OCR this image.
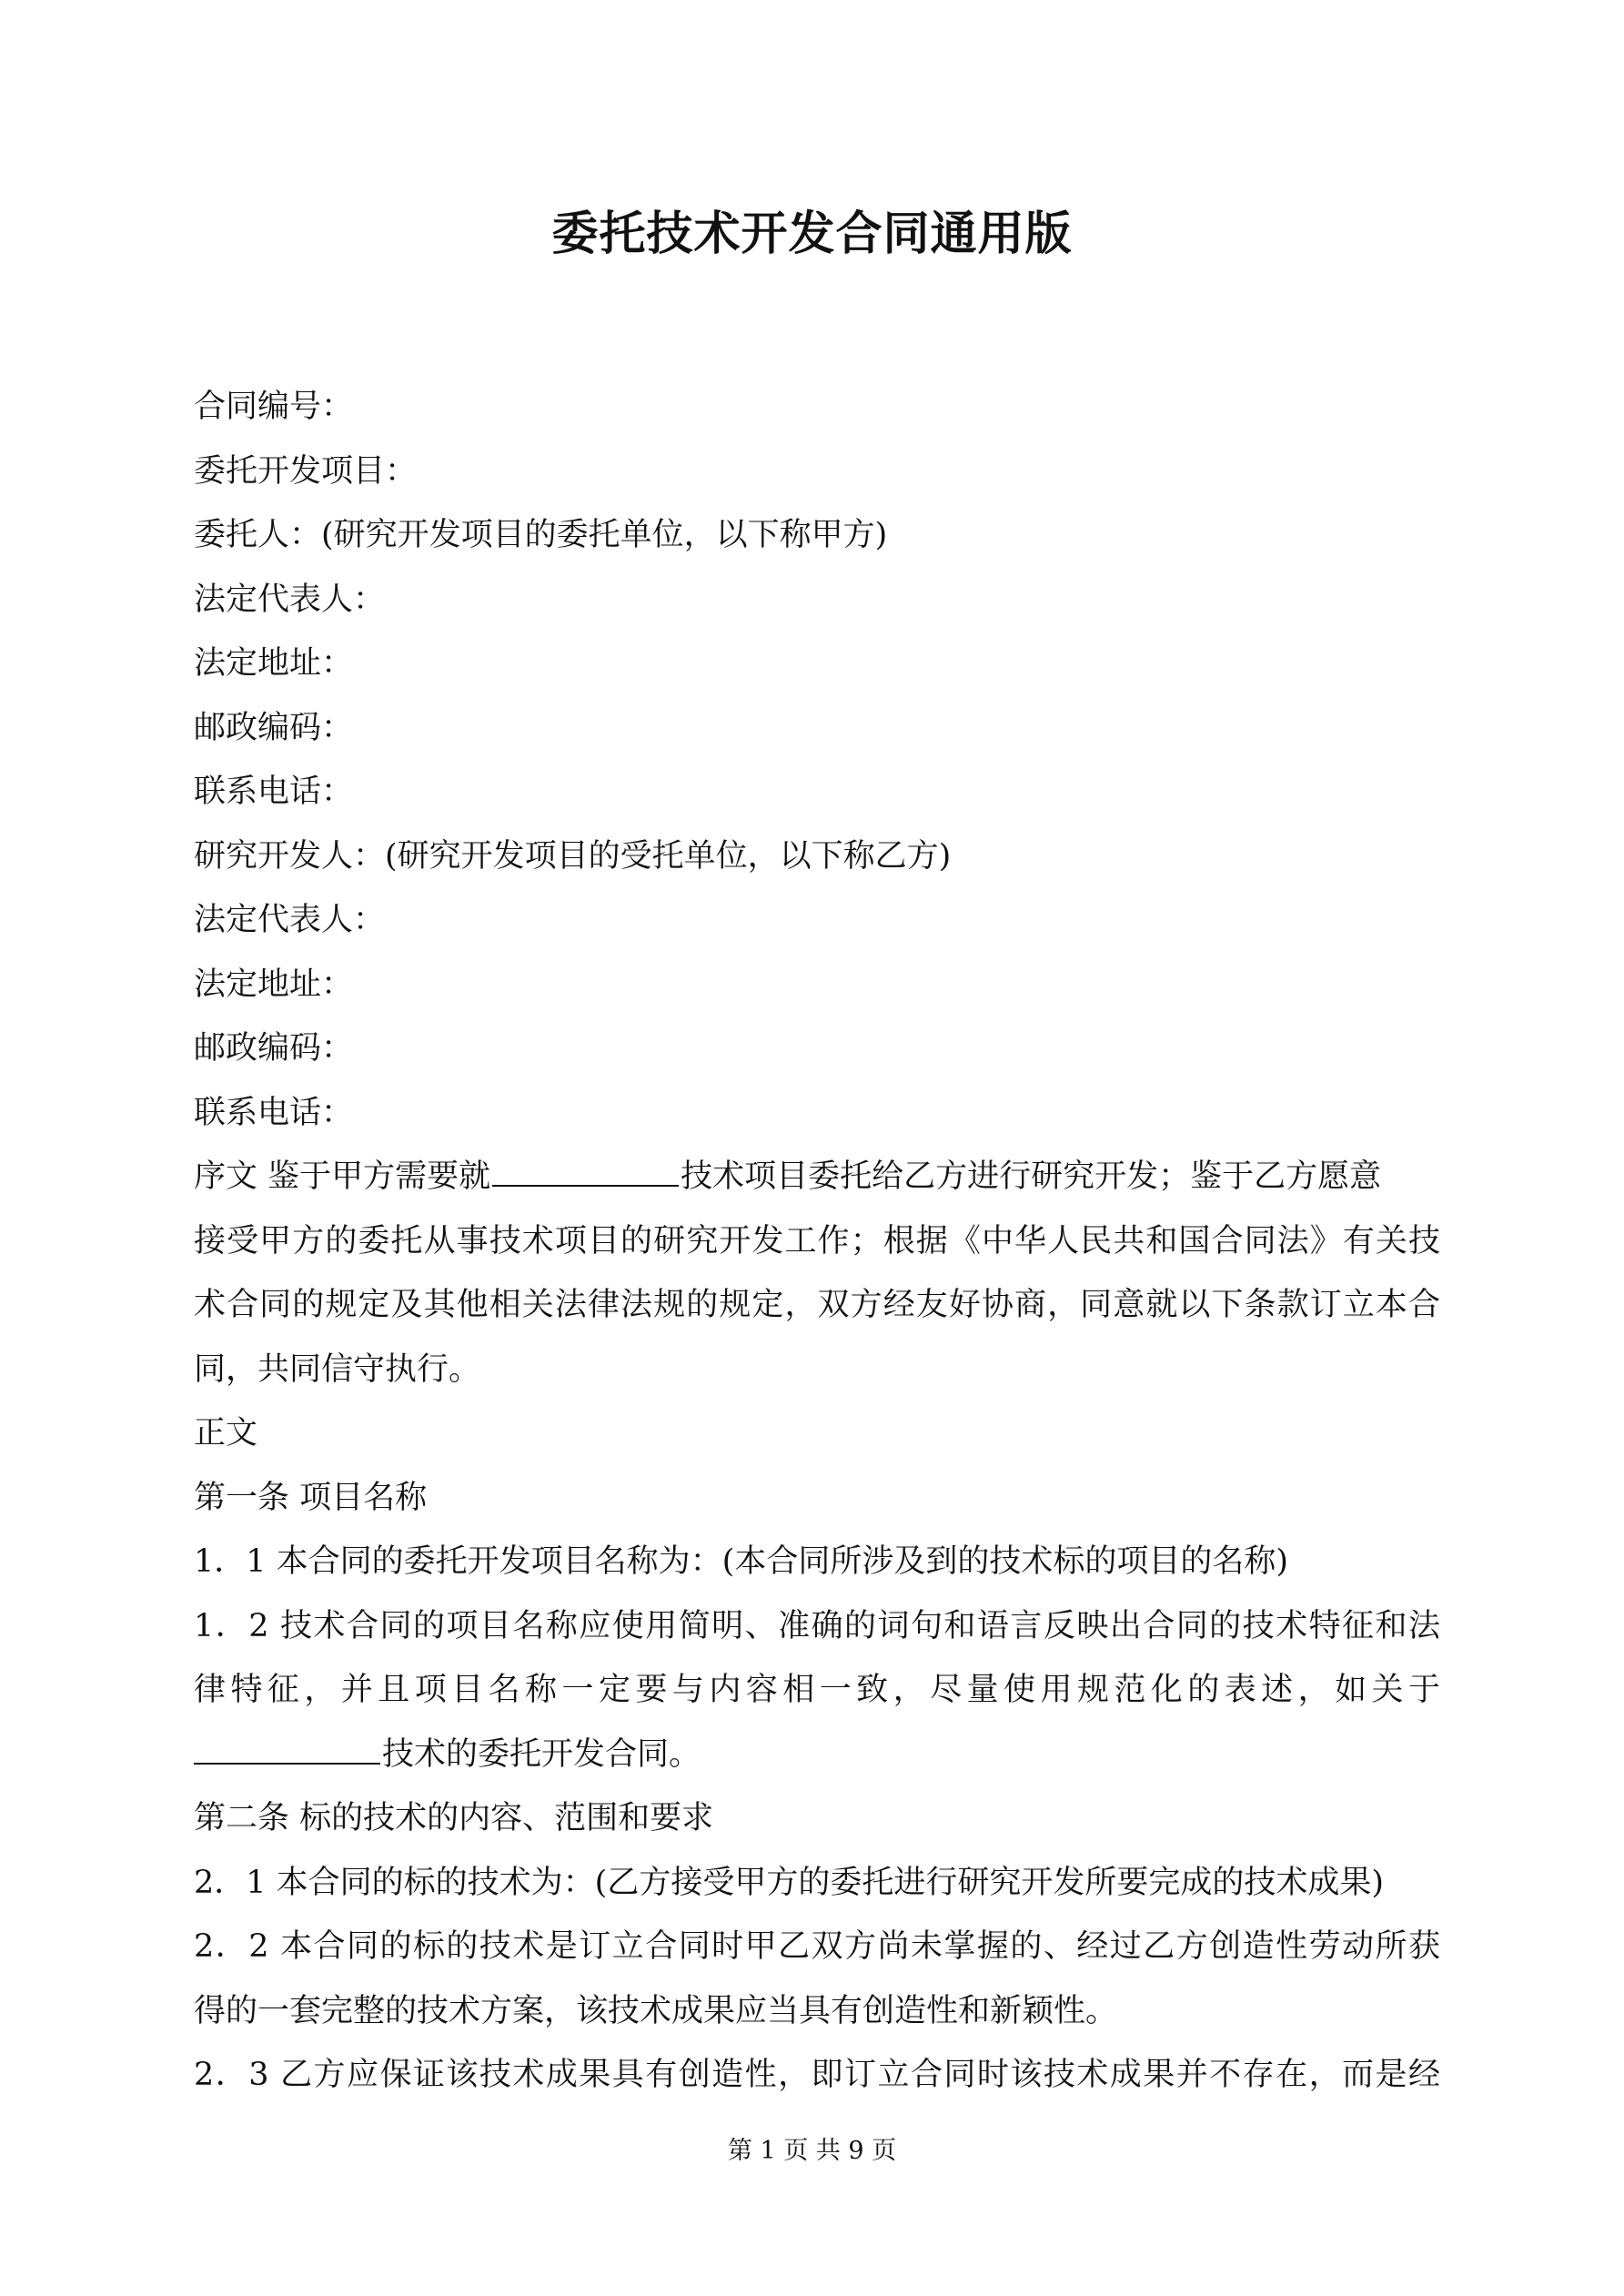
委托技术开发合同通用版

合同编号：

委托开发项目：

委托人：(研究开发项目的委托单位，以下称甲方)

法定代表人：

法定地址：

邮政编码：

联系电话：

研究开发人：(研究开发项目的受托单位，以下称乙方)

法定代表人：

法定地址：

邮政编码：

联系电话：

序文 鉴于甲方需要就	技术项目委托给乙方进行研究开发；鉴于乙方愿意

接受甲方的委托从事技术项目的研究开发工作；根据《中华人民共和国合同法》有关技

术合同的规定及其他相关法律法规的规定，双方经友好协商，同意就以下条款订立本合

同，共同信守执行。

正文

第一条 项目名称

1．1 本合同的委托开发项目名称为：(本合同所涉及到的技术标的项目的名称)

1．2 技术合同的项目名称应使用简明、准确的词句和语言反映出合同的技术特征和法

律特征，并且项目名称一定要与内容相一致，尽量使用规范化的表述，如关于

技术的委托开发合同。

第二条 标的技术的内容、范围和要求

2．1 本合同的标的技术为：(乙方接受甲方的委托进行研究开发所要完成的技术成果)

2．2 本合同的标的技术是订立合同时甲乙双方尚未掌握的、经过乙方创造性劳动所获

得的一套完整的技术方案，该技术成果应当具有创造性和新颖性。

2．3 乙方应保证该技术成果具有创造性，即订立合同时该技术成果并不存在，而是经

第 1 页 共 9 页
